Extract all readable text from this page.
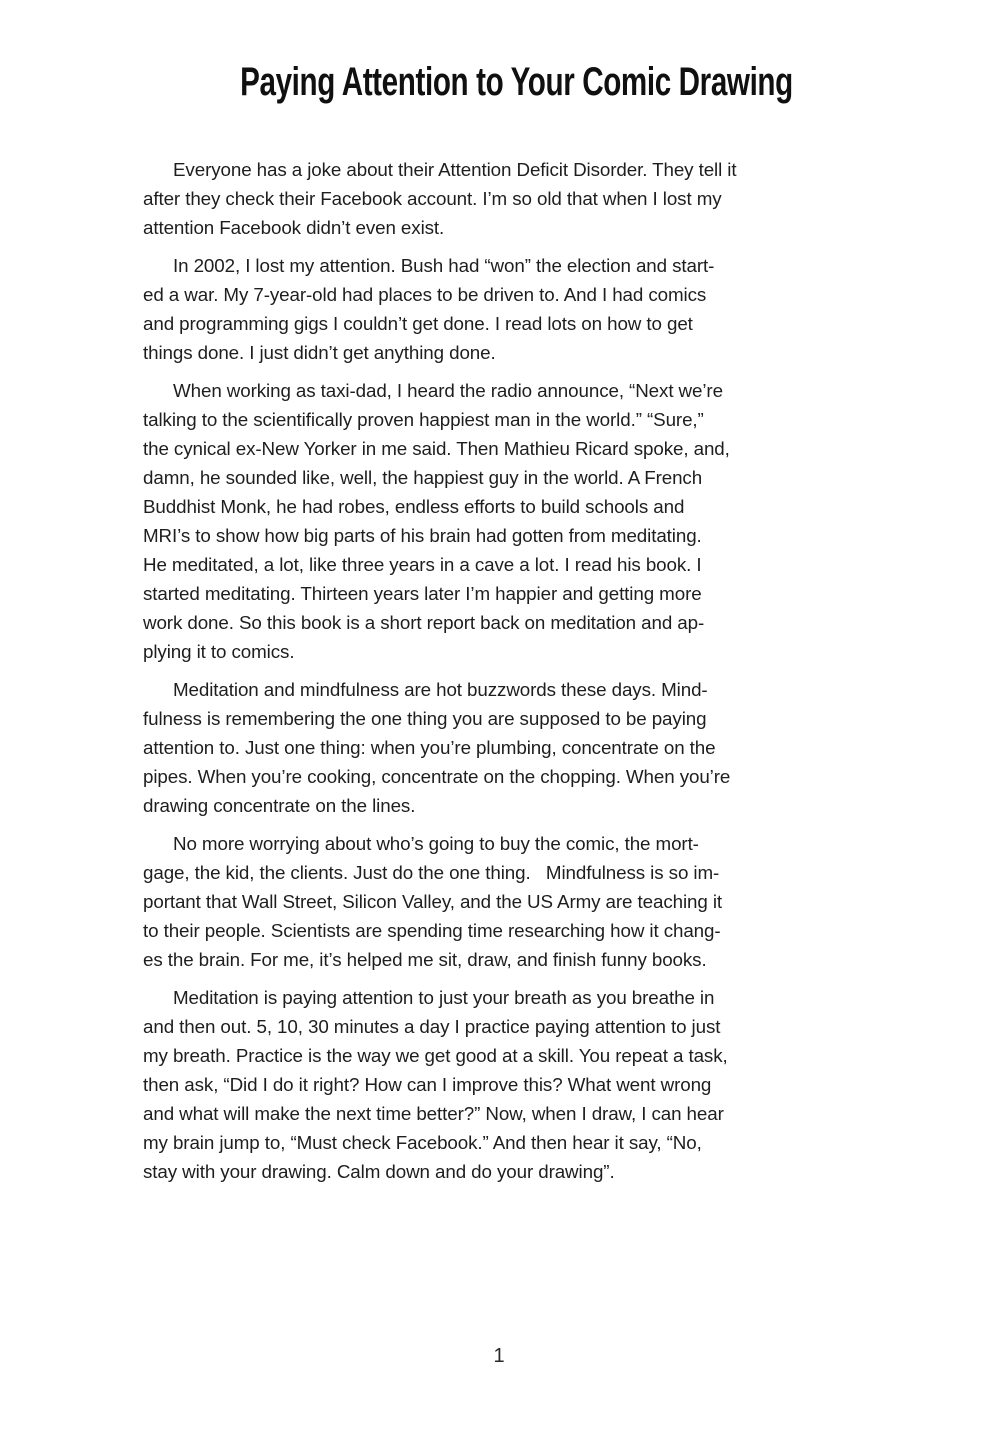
Paying Attention to Your Comic Drawing

Everyone has a joke about their Attention Deficit Disorder. They tell it
after they check their Facebook account. I’m so old that when I lost my
attention Facebook didn’t even exist.

In 2002, I lost my attention. Bush had “won” the election and start-
ed a war. My 7-year-old had places to be driven to. And I had comics
and programming gigs I couldn’t get done. I read lots on how to get
things done. I just didn’t get anything done.

When working as taxi-dad, I heard the radio announce, “Next we’re
talking to the scientifically proven happiest man in the world.” “Sure,”
the cynical ex-New Yorker in me said. Then Mathieu Ricard spoke, and,
damn, he sounded like, well, the happiest guy in the world. A French
Buddhist Monk, he had robes, endless efforts to build schools and
MRI’s to show how big parts of his brain had gotten from meditating.
He meditated, a lot, like three years in a cave a lot. I read his book. I
started meditating. Thirteen years later I’m happier and getting more
work done. So this book is a short report back on meditation and ap-
plying it to comics.

Meditation and mindfulness are hot buzzwords these days. Mind-
fulness is remembering the one thing you are supposed to be paying
attention to. Just one thing: when you’re plumbing, concentrate on the
pipes. When you’re cooking, concentrate on the chopping. When you’re
drawing concentrate on the lines.

No more worrying about who’s going to buy the comic, the mort-
gage, the kid, the clients. Just do the one thing.   Mindfulness is so im-
portant that Wall Street, Silicon Valley, and the US Army are teaching it
to their people. Scientists are spending time researching how it chang-
es the brain. For me, it’s helped me sit, draw, and finish funny books.

Meditation is paying attention to just your breath as you breathe in
and then out. 5, 10, 30 minutes a day I practice paying attention to just
my breath. Practice is the way we get good at a skill. You repeat a task,
then ask, “Did I do it right? How can I improve this? What went wrong
and what will make the next time better?” Now, when I draw, I can hear
my brain jump to, “Must check Facebook.” And then hear it say, “No,
stay with your drawing. Calm down and do your drawing”.

1
